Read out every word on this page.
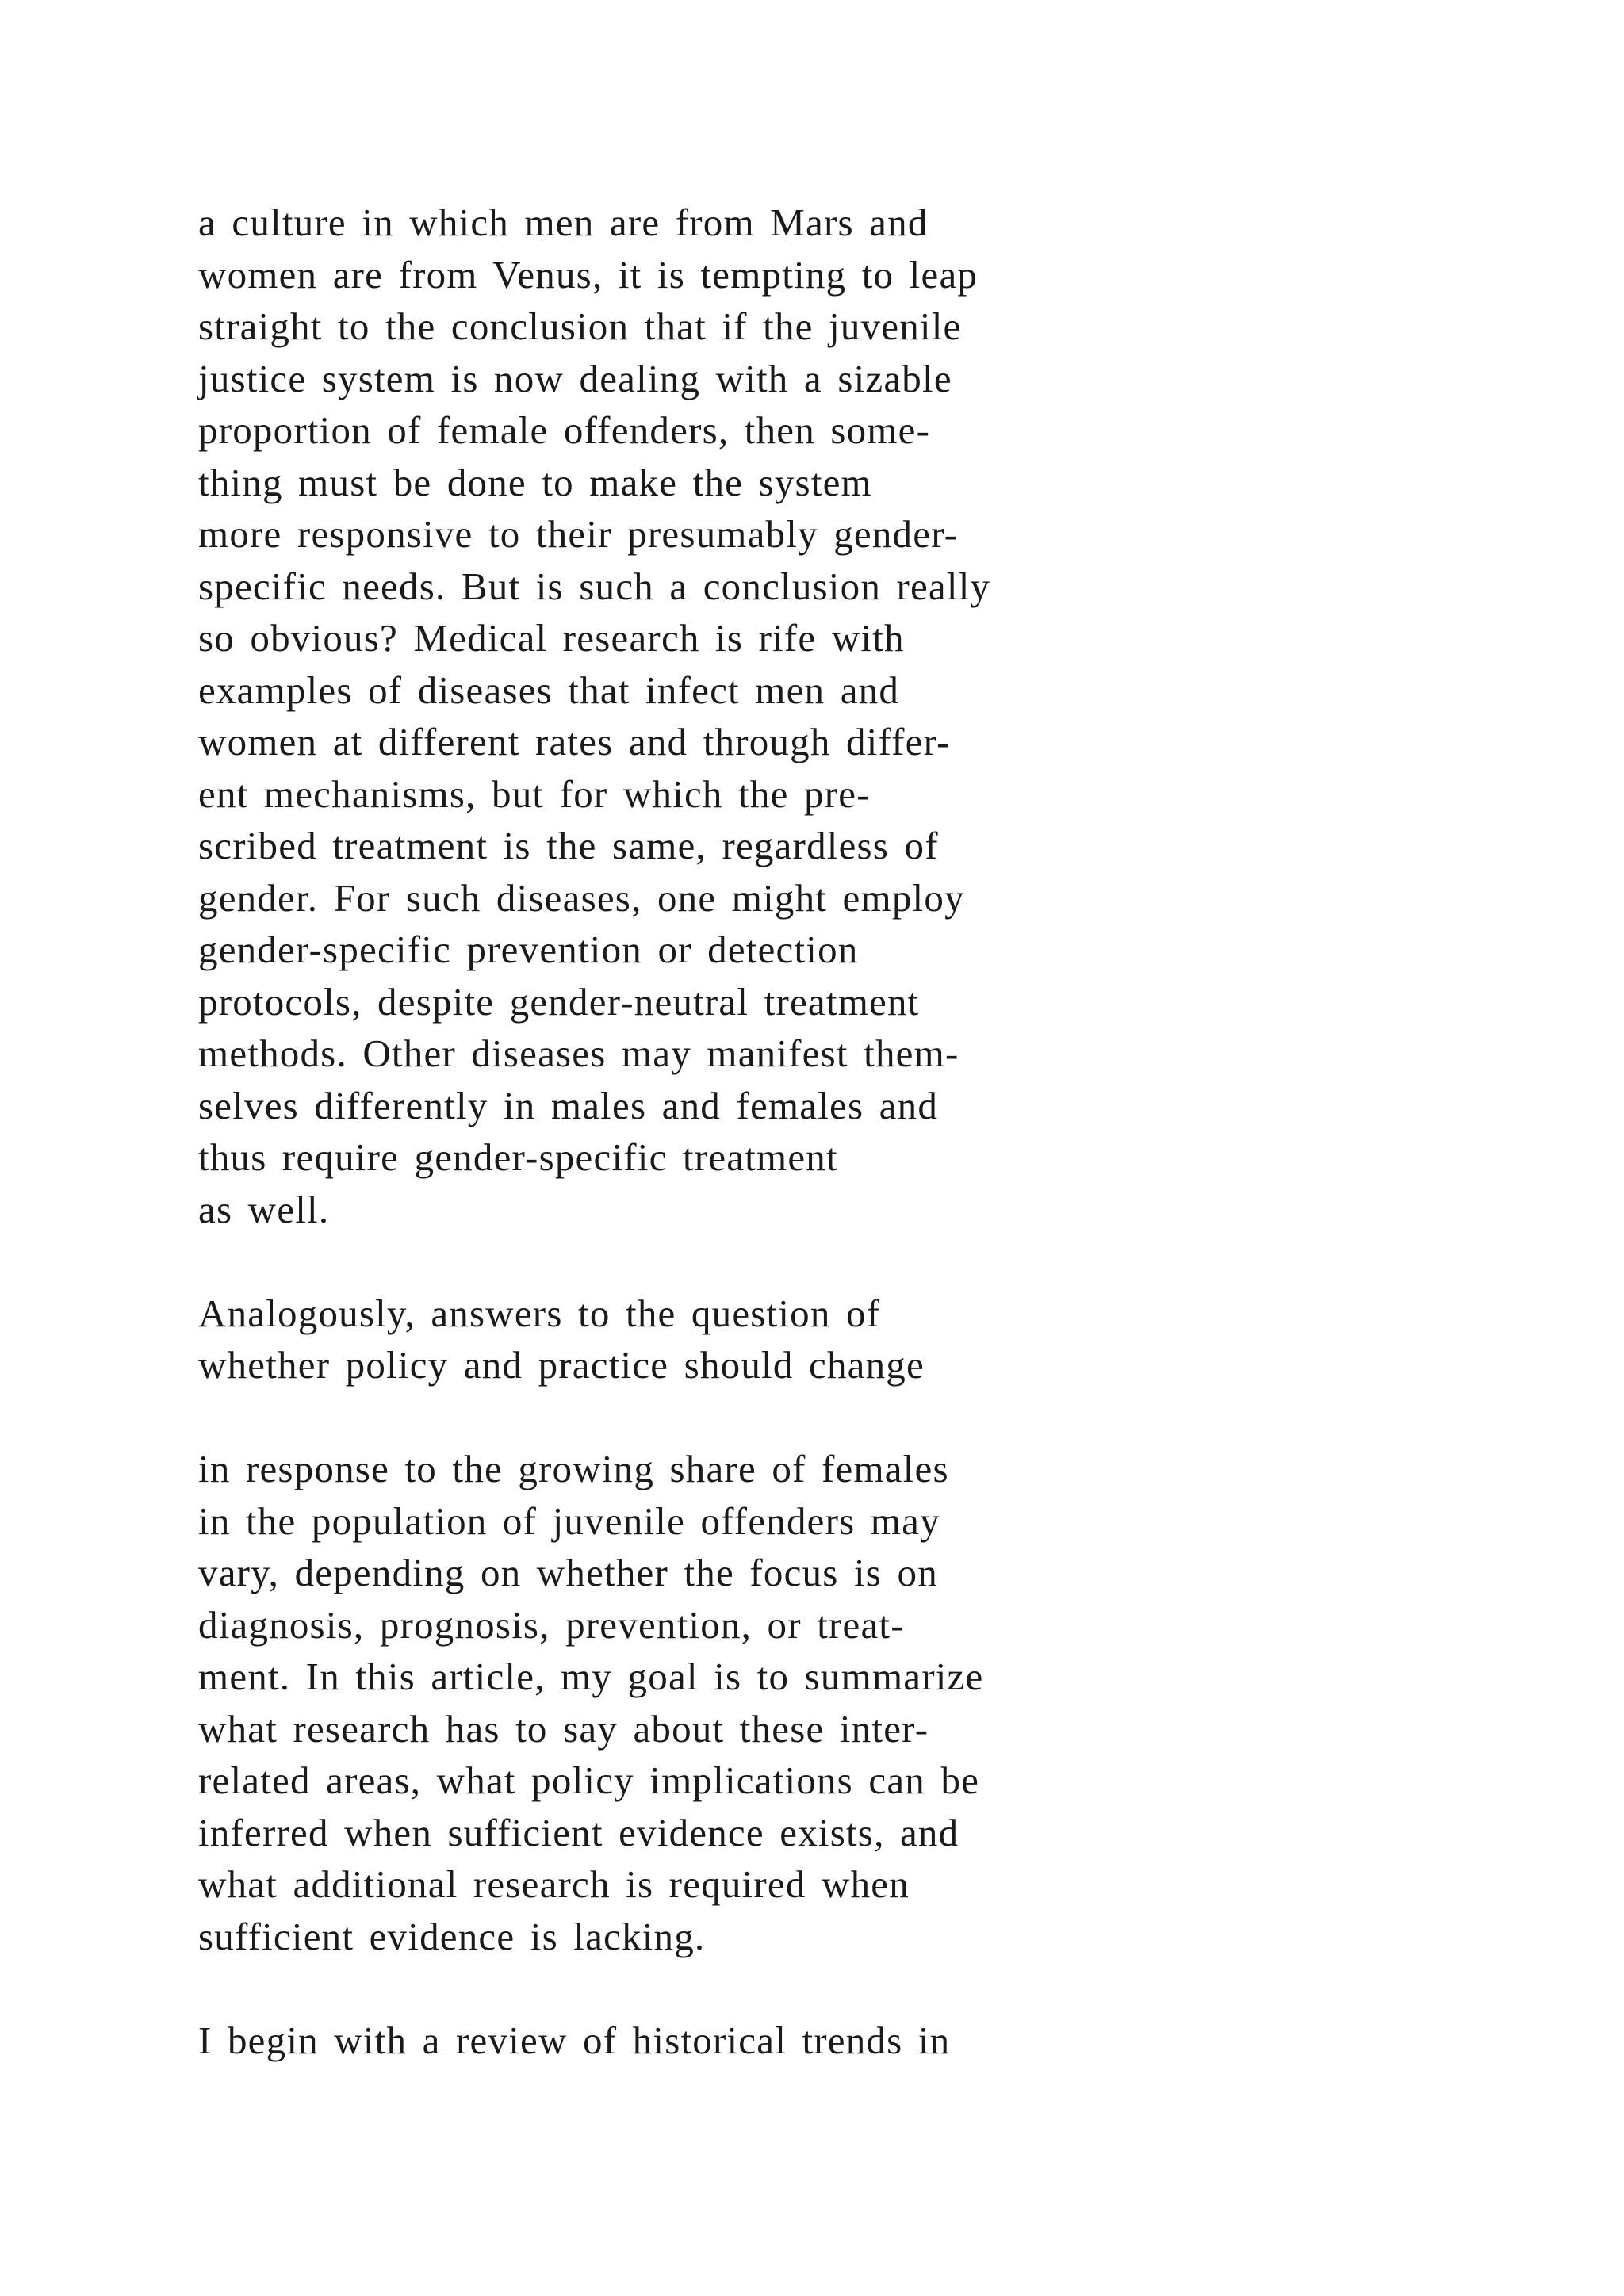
a culture in which men are from Mars and
women are from Venus, it is tempting to leap
straight to the conclusion that if the juvenile
justice system is now dealing with a sizable
proportion of female offenders, then some-
thing must be done to make the system
more responsive to their presumably gender-
specific needs. But is such a conclusion really
so obvious? Medical research is rife with
examples of diseases that infect men and
women at different rates and through differ-
ent mechanisms, but for which the pre-
scribed treatment is the same, regardless of
gender. For such diseases, one might employ
gender-specific prevention or detection
protocols, despite gender-neutral treatment
methods. Other diseases may manifest them-
selves differently in males and females and
thus require gender-specific treatment
as well.

Analogously, answers to the question of
whether policy and practice should change

in response to the growing share of females
in the population of juvenile offenders may
vary, depending on whether the focus is on
diagnosis, prognosis, prevention, or treat-
ment. In this article, my goal is to summarize
what research has to say about these inter-
related areas, what policy implications can be
inferred when sufficient evidence exists, and
what additional research is required when
sufficient evidence is lacking.

I begin with a review of historical trends in
